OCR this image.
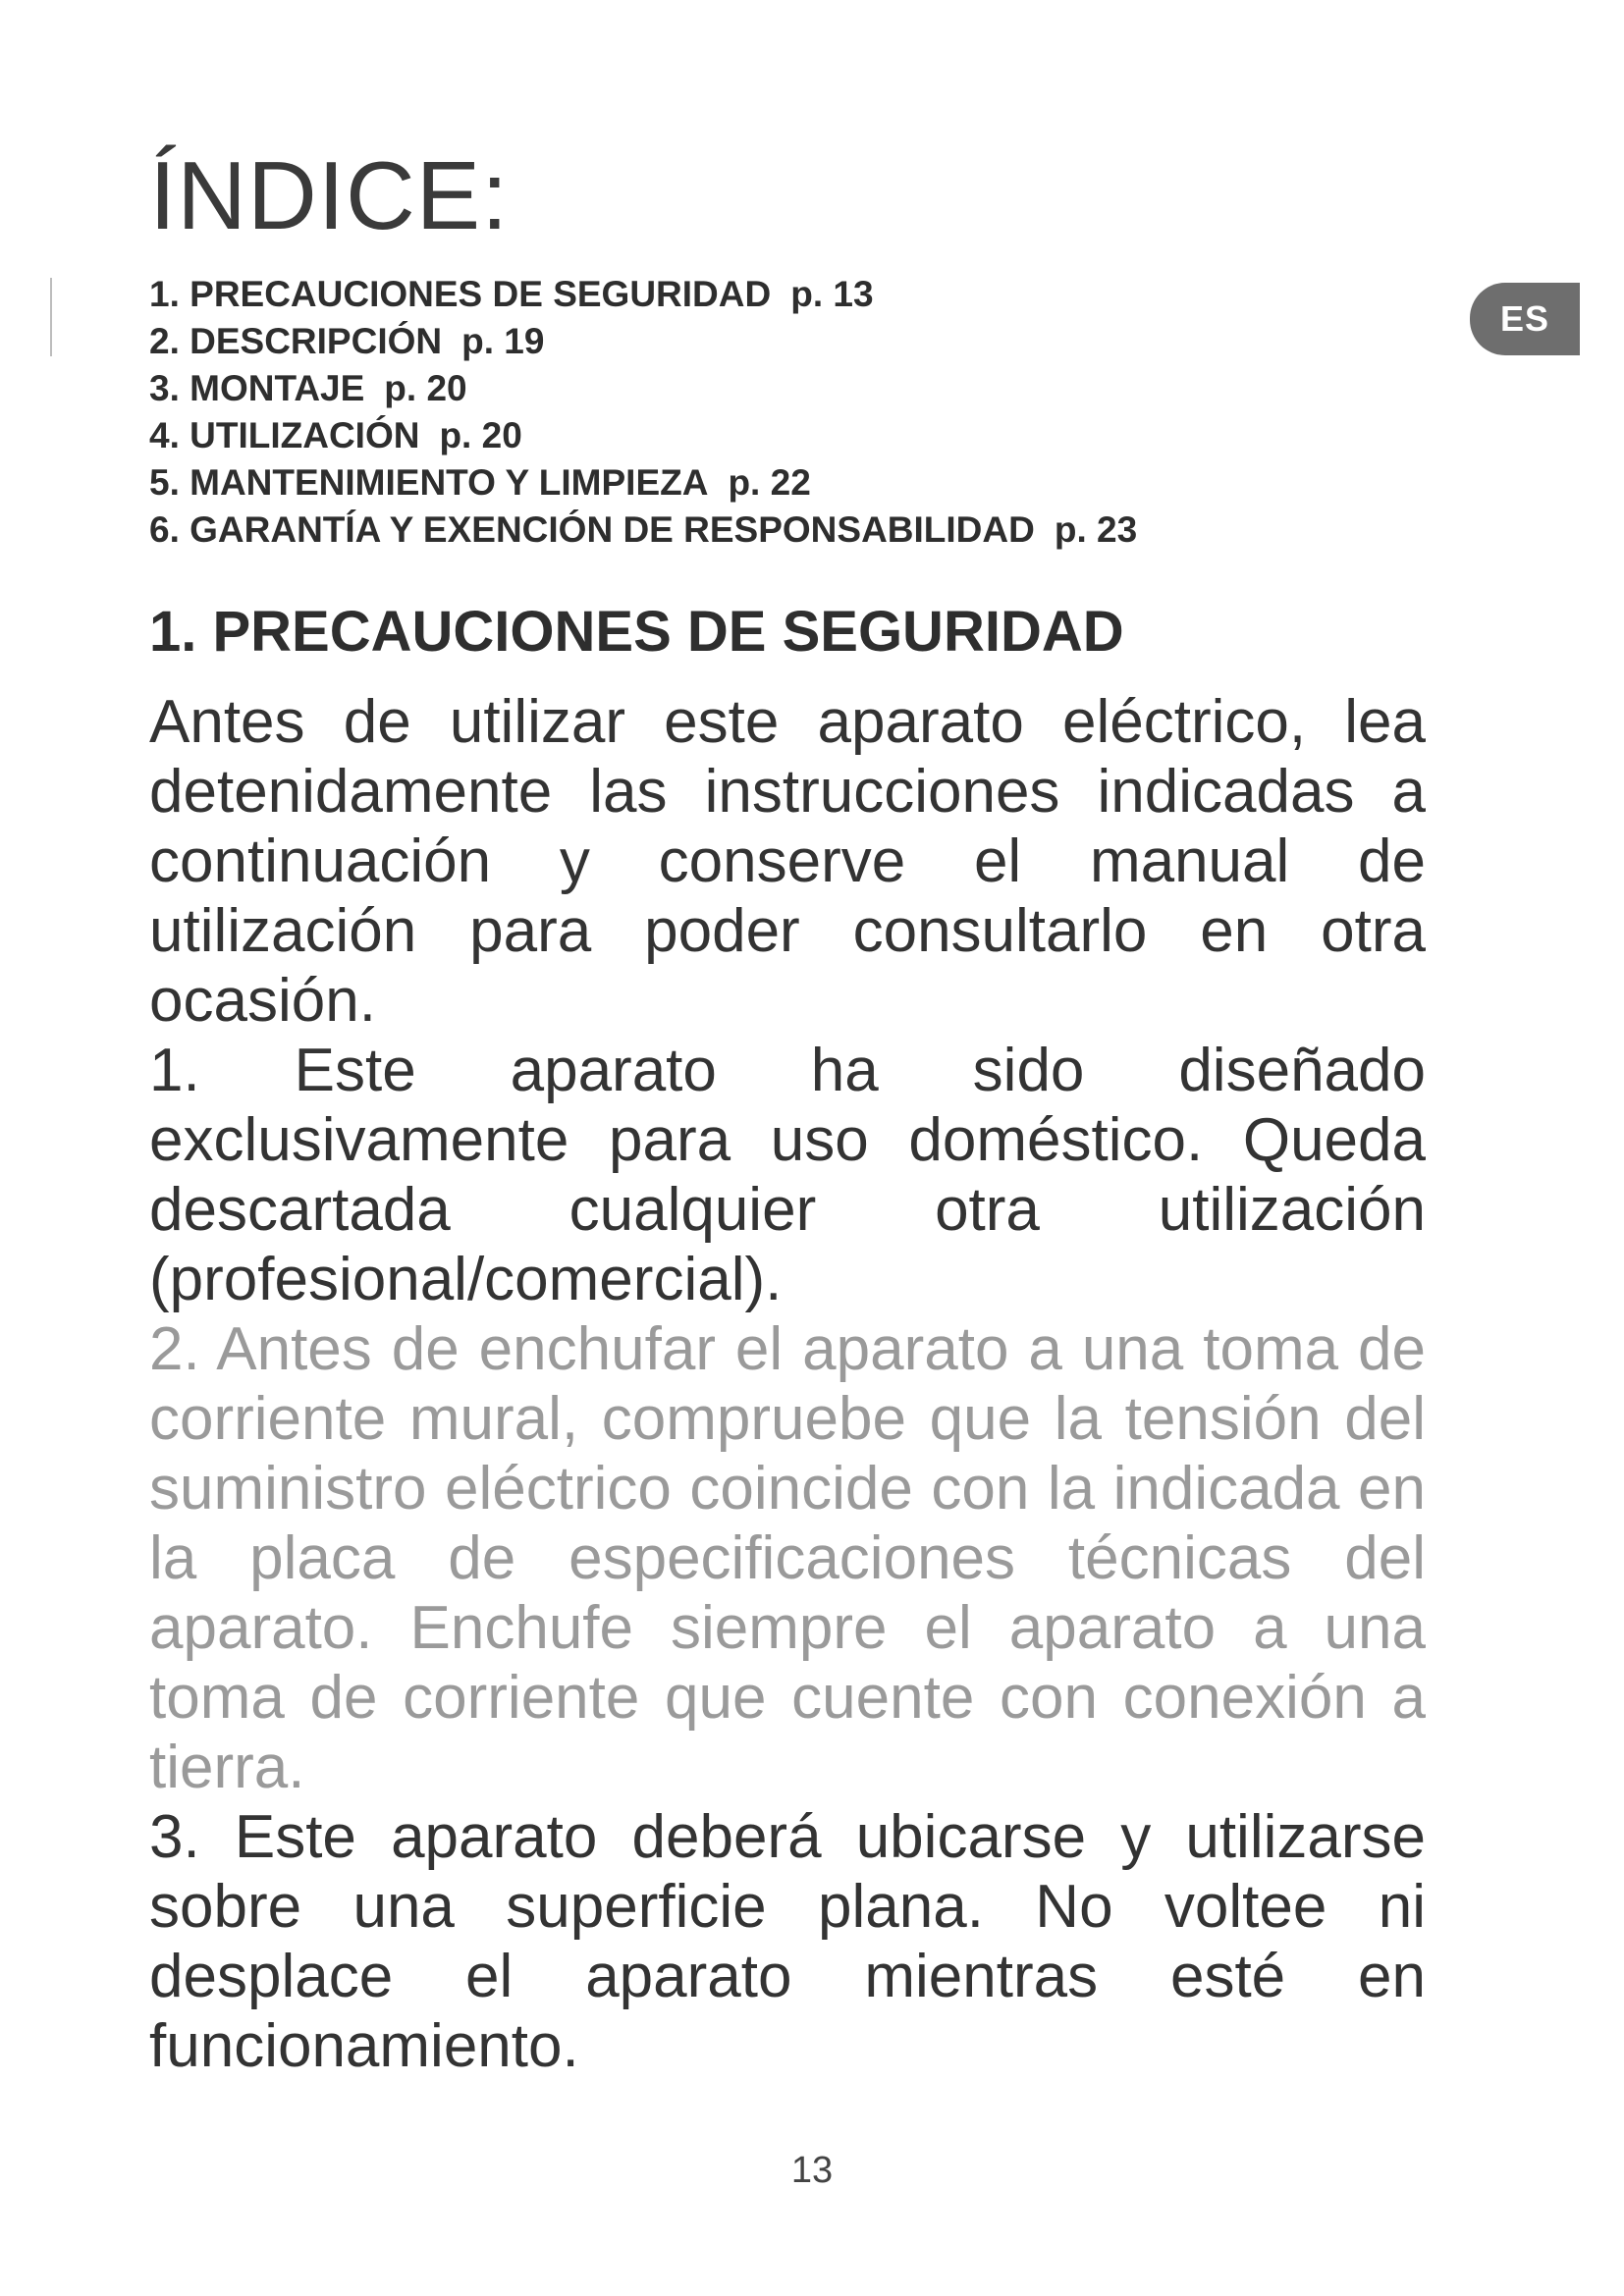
ÍNDICE:
ES
1. PRECAUCIONES DE SEGURIDAD p. 13
2. DESCRIPCIÓN p. 19
3. MONTAJE p. 20
4. UTILIZACIÓN p. 20
5. MANTENIMIENTO Y LIMPIEZA p. 22
6. GARANTÍA Y EXENCIÓN DE RESPONSABILIDAD p. 23
1. PRECAUCIONES DE SEGURIDAD

Antes de utilizar este aparato eléctrico, lea detenidamente las instrucciones indicadas a continuación y conserve el manual de utilización para poder consultarlo en otra ocasión.

1. Este aparato ha sido diseñado exclusivamente para uso doméstico. Queda descartada cualquier otra utilización (profesional/comercial).

2. Antes de enchufar el aparato a una toma de corriente mural, compruebe que la tensión del suministro eléctrico coincide con la indicada en la placa de especificaciones técnicas del aparato. Enchufe siempre el aparato a una toma de corriente que cuente con conexión a tierra.

3. Este aparato deberá ubicarse y utilizarse sobre una superficie plana. No voltee ni desplace el aparato mientras esté en funcionamiento.

13
